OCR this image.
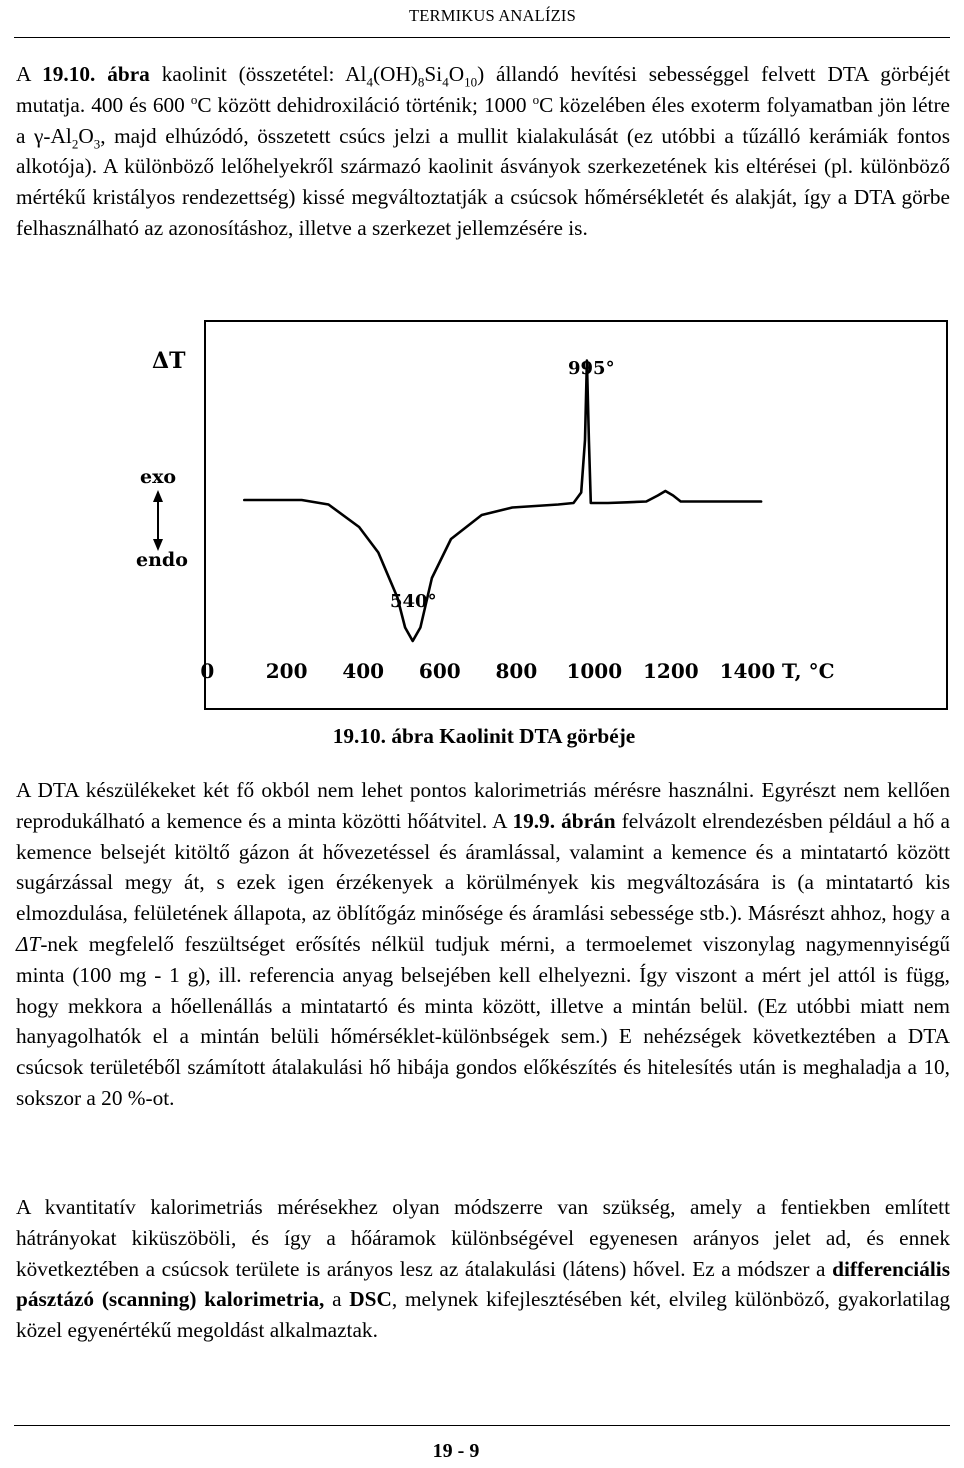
TERMIKUS ANALÍZIS

A 19.10. ábra kaolinit (összetétel: $Al_4(OH)_8Si_4O_{10}$) állandó hevítési sebességgel felvett DTA görbéjét mutatja. 400 és 600 $^o$C között dehidroxiláció történik; 1000 $^o$C közelében éles exoterm folyamatban jön létre a $\gamma-Al_2O_3$, majd elhúzódó, összetett csúcs jelzi a mullit kialakulását (ez utóbbi a tűzálló kerámiák fontos alkotója). A különböző lelőhelyekről származó kaolinit ásványok szerkezetének kis eltérései (pl. különböző mértékű kristályos rendezettség) kissé megváltoztatják a csúcsok hőmérsékletét és alakját, így a DTA görbe felhasználható az azonosításhoz, illetve a szerkezet jellemzésére is.

ΔT
exo
endo
995°
540°
0	200 400 600 800 1000 1200 1400 T, °C
19.10. ábra Kaolinit DTA görbéje

A DTA készülékeket két fő okból nem lehet pontos kalorimetriás mérésre használni. Egyrészt nem kellően reprodukálható a kemence és a minta közötti hőátvitel. A 19.9. ábrán felvázolt elrendezésben például a hő a kemence belsejét kitöltő gázon át hővezetéssel és áramlással, valamint a kemence és a mintatartó között sugárzással megy át, s ezek igen érzékenyek a körülmények kis megváltozására is (a mintatartó kis elmozdulása, felületének állapota, az öblítőgáz minősége és áramlási sebessége stb.). Másrészt ahhoz, hogy a ΔT-nek megfelelő feszültséget erősítés nélkül tudjuk mérni, a termoelemet viszonylag nagymennyiségű minta (100 mg - 1 g), ill. referencia anyag belsejében kell elhelyezni. Így viszont a mért jel attól is függ, hogy mekkora a hőellenállás a mintatartó és minta között, illetve a mintán belül. (Ez utóbbi miatt nem hanyagolhatók el a mintán belüli hőmérséklet-különbségek sem.) E nehézségek következtében a DTA csúcsok területéből számított átalakulási hő hibája gondos előkészítés és hitelesítés után is meghaladja a 10, sokszor a 20 %-ot.

A kvantitatív kalorimetriás mérésekhez olyan módszerre van szükség, amely a fentiekben említett hátrányokat kiküszöböli, és így a hőáramok különbségével egyenesen arányos jelet ad, és ennek következtében a csúcsok területe is arányos lesz az átalakulási (látens) hővel. Ez a módszer a differenciális pásztázó (scanning) kalorimetria, a DSC, melynek kifejlesztésében két, elvileg különböző, gyakorlatilag közel egyenértékű megoldást alkalmaztak.

19 - 9
